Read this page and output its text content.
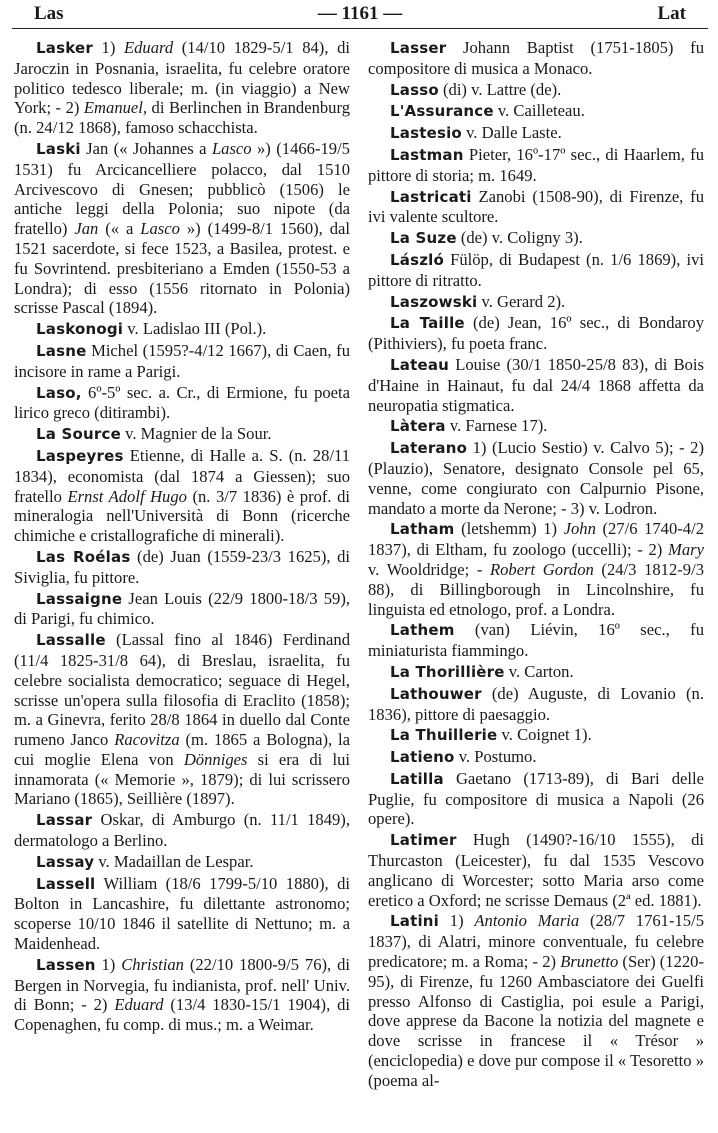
Las	— 1161 —	Lat

Lasker 1) Eduard (14/10 1829-5/1 84), di Jaroczin in Posnania, israelita, fu celebre oratore politico tedesco liberale; m. (in viaggio) a New York; - 2) Emanuel, di Berlinchen in Brandenburg (n. 24/12 1868), famoso schacchista.

Laski Jan (« Johannes a Lasco ») (1466-19/5 1531) fu Arcicancelliere polacco, dal 1510 Arcivescovo di Gnesen; pubblicò (1506) le antiche leggi della Polonia; suo nipote (da fratello) Jan (« a Lasco ») (1499-8/1 1560), dal 1521 sacerdote, si fece 1523, a Basilea, protest. e fu Sovrintend. presbiteriano a Emden (1550-53 a Londra); di esso (1556 ritornato in Polonia) scrisse Pascal (1894).

Laskonogi v. Ladislao III (Pol.).

Lasne Michel (1595?-4/12 1667), di Caen, fu incisore in rame a Parigi.

Laso, 6º-5º sec. a. Cr., di Ermione, fu poeta lirico greco (ditirambi).

La Source v. Magnier de la Sour.

Laspeyres Etienne, di Halle a. S. (n. 28/11 1834), economista (dal 1874 a Giessen); suo fratello Ernst Adolf Hugo (n. 3/7 1836) è prof. di mineralogia nell'Università di Bonn (ricerche chimiche e cristallografiche di minerali).

Las Roélas (de) Juan (1559-23/3 1625), di Siviglia, fu pittore.

Lassaigne Jean Louis (22/9 1800-18/3 59), di Parigi, fu chimico.

Lassalle (Lassal fino al 1846) Ferdinand (11/4 1825-31/8 64), di Breslau, israelita, fu celebre socialista democratico; seguace di Hegel, scrisse un'opera sulla filosofia di Eraclito (1858); m. a Ginevra, ferito 28/8 1864 in duello dal Conte rumeno Janco Racovitza (m. 1865 a Bologna), la cui moglie Elena von Dönniges si era di lui innamorata (« Memorie », 1879); di lui scrissero Mariano (1865), Seillière (1897).

Lassar Oskar, di Amburgo (n. 11/1 1849), dermatologo a Berlino.

Lassay v. Madaillan de Lespar.

Lassell William (18/6 1799-5/10 1880), di Bolton in Lancashire, fu dilettante astronomo; scoperse 10/10 1846 il satellite di Nettuno; m. a Maidenhead.

Lassen 1) Christian (22/10 1800-9/5 76), di Bergen in Norvegia, fu indianista, prof. nell' Univ. di Bonn; - 2) Eduard (13/4 1830-15/1 1904), di Copenaghen, fu comp. di mus.; m. a Weimar.

Lasser Johann Baptist (1751-1805) fu compositore di musica a Monaco.

Lasso (di) v. Lattre (de).

L'Assurance v. Cailleteau.

Lastesio v. Dalle Laste.

Lastman Pieter, 16º-17º sec., di Haarlem, fu pittore di storia; m. 1649.

Lastricati Zanobi (1508-90), di Firenze, fu ivi valente scultore.

La Suze (de) v. Coligny 3).

László Fülöp, di Budapest (n. 1/6 1869), ivi pittore di ritratto.

Laszowski v. Gerard 2).

La Taille (de) Jean, 16º sec., di Bondaroy (Pithiviers), fu poeta franc.

Lateau Louise (30/1 1850-25/8 83), di Bois d'Haine in Hainaut, fu dal 24/4 1868 affetta da neuropatia stigmatica.

Làtera v. Farnese 17).

Laterano 1) (Lucio Sestio) v. Calvo 5); - 2) (Plauzio), Senatore, designato Console pel 65, venne, come congiurato con Calpurnio Pisone, mandato a morte da Nerone; - 3) v. Lodron.

Latham (letshemm) 1) John (27/6 1740-4/2 1837), di Eltham, fu zoologo (uccelli); - 2) Mary v. Wooldridge; - Robert Gordon (24/3 1812-9/3 88), di Billingborough in Lincolnshire, fu linguista ed etnologo, prof. a Londra.

Lathem (van) Liévin, 16º sec., fu miniaturista fiammingo.

La Thorillière v. Carton.

Lathouwer (de) Auguste, di Lovanio (n. 1836), pittore di paesaggio.

La Thuillerie v. Coignet 1).

Latieno v. Postumo.

Latilla Gaetano (1713-89), di Bari delle Puglie, fu compositore di musica a Napoli (26 opere).

Latimer Hugh (1490?-16/10 1555), di Thurcaston (Leicester), fu dal 1535 Vescovo anglicano di Worcester; sotto Maria arso come eretico a Oxford; ne scrisse Demaus (2ª ed. 1881).

Latini 1) Antonio Maria (28/7 1761-15/5 1837), di Alatri, minore conventuale, fu celebre predicatore; m. a Roma; - 2) Brunetto (Ser) (1220-95), di Firenze, fu 1260 Ambasciatore dei Guelfi presso Alfonso di Castiglia, poi esule a Parigi, dove apprese da Bacone la notizia del magnete e dove scrisse in francese il « Trésor » (enciclopedia) e dove pur compose il « Tesoretto » (poema al-
